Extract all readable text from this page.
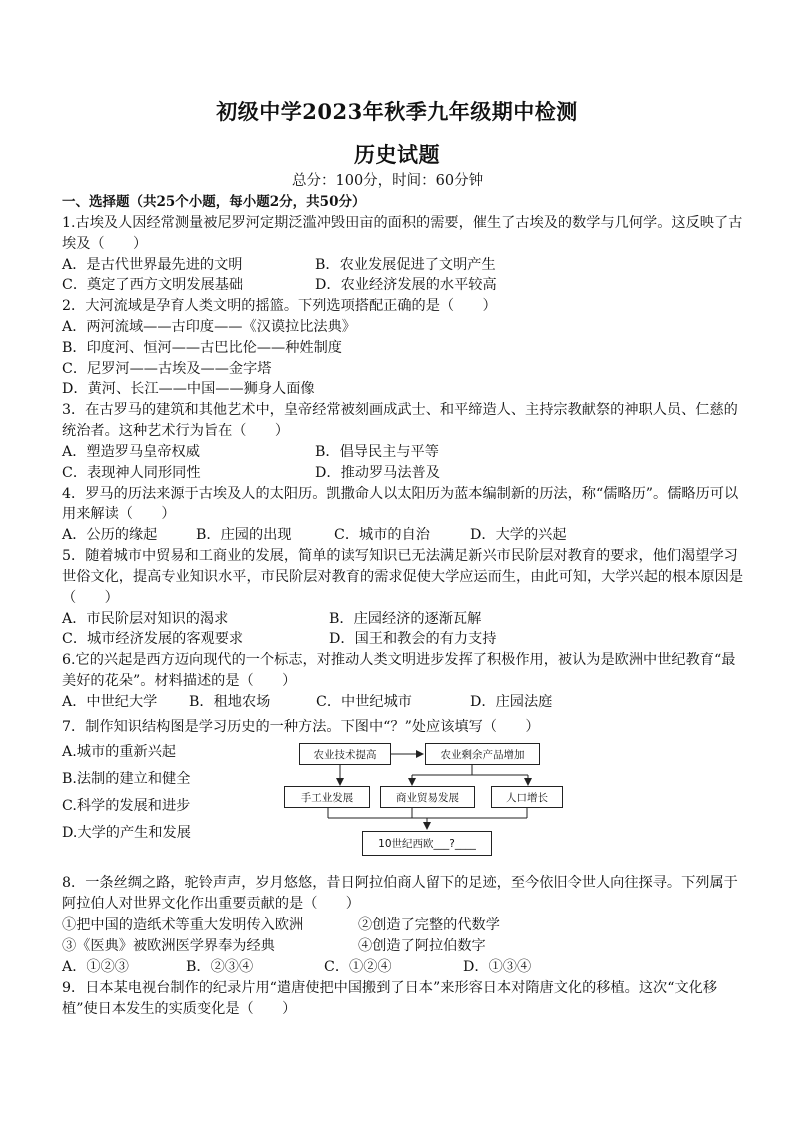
初级中学2023年秋季九年级期中检测
历史试题
总分：100分，时间：60分钟
一、选择题（共25个小题，每小题2分，共50分）
1.古埃及人因经常测量被尼罗河定期泛滥冲毁田亩的面积的需要，催生了古埃及的数学与几何学。这反映了古
埃及（　　）
A．是古代世界最先进的文明	B．农业发展促进了文明产生
C．奠定了西方文明发展基础	D．农业经济发展的水平较高
2．大河流域是孕育人类文明的摇篮。下列选项搭配正确的是（　　）
A．两河流域——古印度——《汉谟拉比法典》
B．印度河、恒河——古巴比伦——种姓制度
C．尼罗河——古埃及——金字塔
D．黄河、长江——中国——狮身人面像
3．在古罗马的建筑和其他艺术中，皇帝经常被刻画成武士、和平缔造人、主持宗教献祭的神职人员、仁慈的
统治者。这种艺术行为旨在（　　）
A．塑造罗马皇帝权威	B．倡导民主与平等
C．表现神人同形同性	D．推动罗马法普及
4．罗马的历法来源于古埃及人的太阳历。凯撒命人以太阳历为蓝本编制新的历法，称“儒略历”。儒略历可以
用来解读（　　）
A．公历的缘起	B．庄园的出现	C．城市的自治	D．大学的兴起
5．随着城市中贸易和工商业的发展，简单的读写知识已无法满足新兴市民阶层对教育的要求，他们渴望学习
世俗文化，提高专业知识水平，市民阶层对教育的需求促使大学应运而生，由此可知，大学兴起的根本原因是
（　　）
A．市民阶层对知识的渴求	B．庄园经济的逐渐瓦解
C．城市经济发展的客观要求	D．国王和教会的有力支持
6.它的兴起是西方迈向现代的一个标志，对推动人类文明进步发挥了积极作用，被认为是欧洲中世纪教育“最
美好的花朵”。材料描述的是（　　）
A．中世纪大学 B．租地农场	C．中世纪城市	D．庄园法庭
7．制作知识结构图是学习历史的一种方法。下图中“？”处应该填写（　　）
A.城市的重新兴起
B.法制的建立和健全
C.科学的发展和进步
D.大学的产生和发展
农业技术提高	农业剩余产品增加
手工业发展	商业贸易发展	人口增长
10世纪西欧___?____
8．一条丝绸之路，驼铃声声，岁月悠悠，昔日阿拉伯商人留下的足迹，至今依旧令世人向往探寻。下列属于
阿拉伯人对世界文化作出重要贡献的是（　　）
①把中国的造纸术等重大发明传入欧洲	②创造了完整的代数学
③《医典》被欧洲医学界奉为经典	④创造了阿拉伯数字
A．①②③	B．②③④	C．①②④	D．①③④
9．日本某电视台制作的纪录片用“遣唐使把中国搬到了日本”来形容日本对隋唐文化的移植。这次“文化移
植”使日本发生的实质变化是（　　）
